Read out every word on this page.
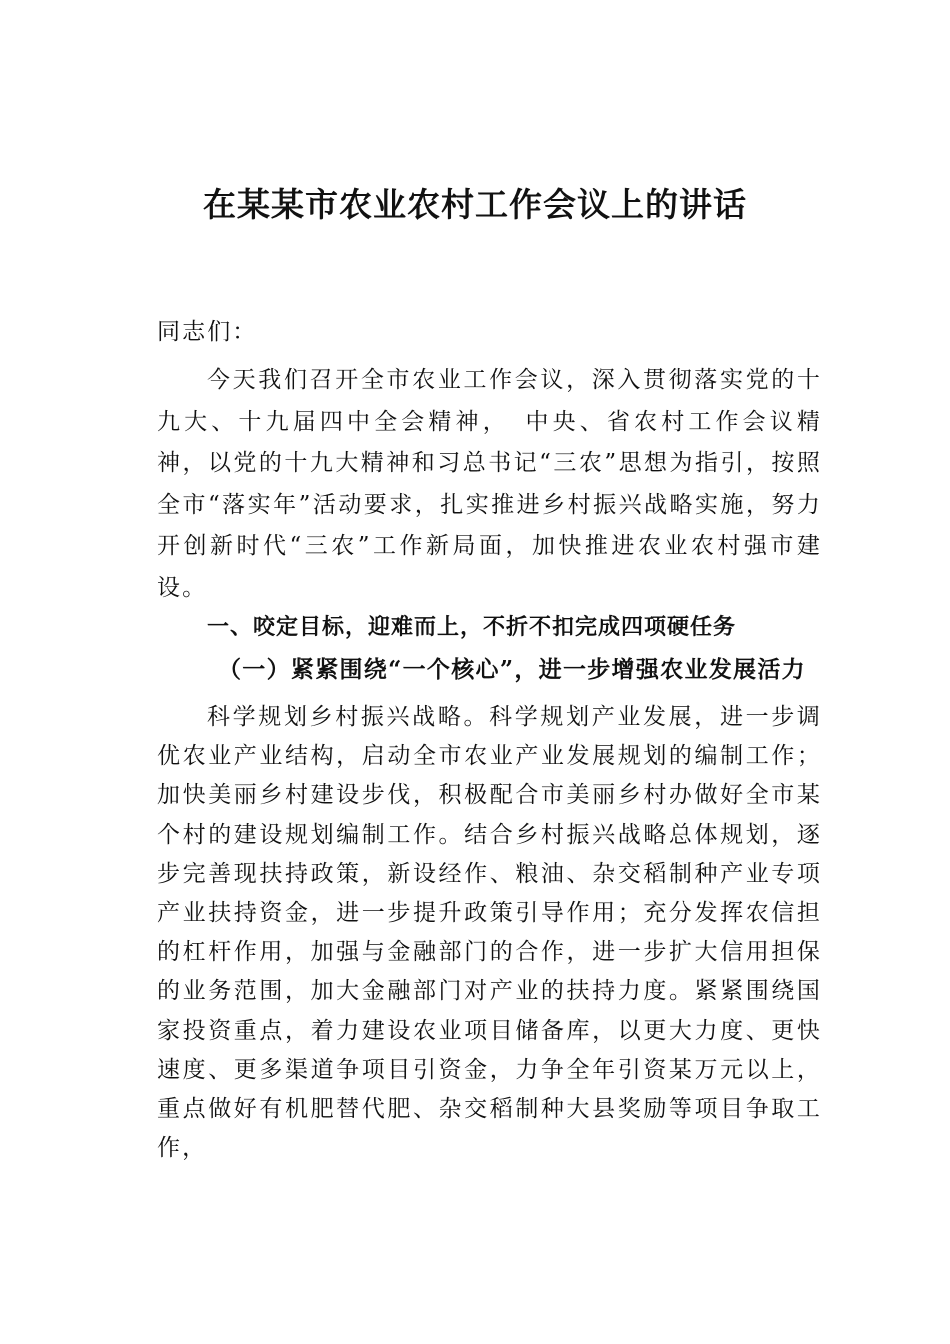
在某某市农业农村工作会议上的讲话

同志们：

今天我们召开全市农业工作会议，深入贯彻落实党的十九大、十九届四中全会精神，　中央、省农村工作会议精神，以党的十九大精神和习总书记“三农”思想为指引，按照全市“落实年”活动要求，扎实推进乡村振兴战略实施，努力开创新时代“三农”工作新局面，加快推进农业农村强市建设。

一、咬定目标，迎难而上，不折不扣完成四项硬任务
（一）紧紧围绕“一个核心”，进一步增强农业发展活力

科学规划乡村振兴战略。科学规划产业发展，进一步调优农业产业结构，启动全市农业产业发展规划的编制工作；加快美丽乡村建设步伐，积极配合市美丽乡村办做好全市某个村的建设规划编制工作。结合乡村振兴战略总体规划，逐步完善现扶持政策，新设经作、粮油、杂交稻制种产业专项产业扶持资金，进一步提升政策引导作用；充分发挥农信担的杠杆作用，加强与金融部门的合作，进一步扩大信用担保的业务范围，加大金融部门对产业的扶持力度。紧紧围绕国家投资重点，着力建设农业项目储备库，以更大力度、更快速度、更多渠道争项目引资金，力争全年引资某万元以上，重点做好有机肥替代肥、杂交稻制种大县奖励等项目争取工作，
